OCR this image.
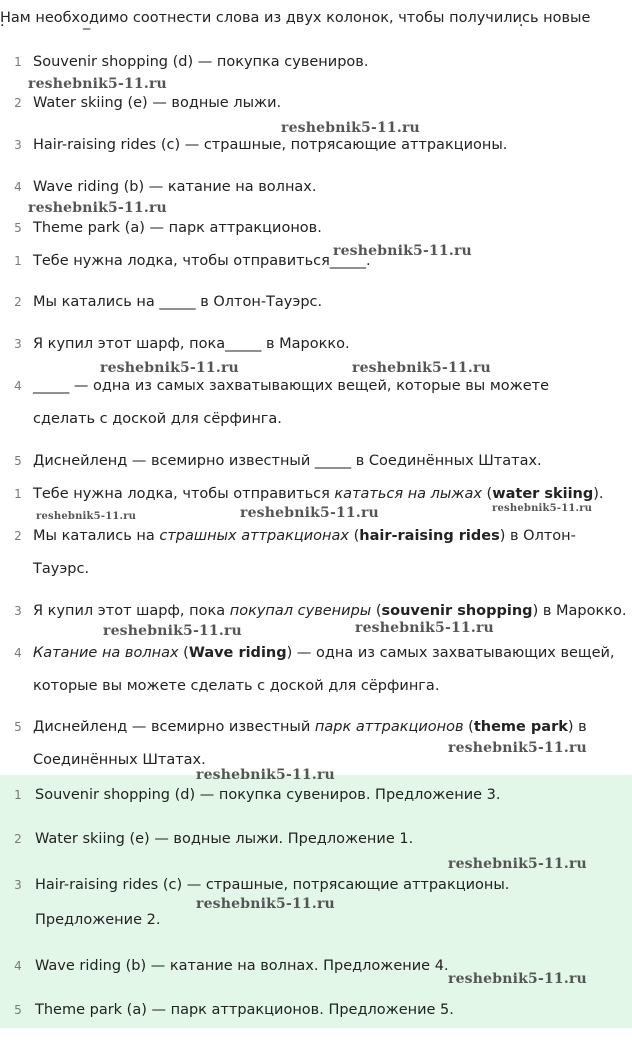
Нам необходимо соотнести слова из двух колонок, чтобы получились новые
1 Souvenir shopping (d) — покупка сувениров.
2 Water skiing (e) — водные лыжи.
3 Hair-raising rides (c) — страшные, потрясающие аттракционы.
4 Wave riding (b) — катание на волнах.
5 Theme park (a) — парк аттракционов.
1 Тебе нужна лодка, чтобы отправиться_____.
2 Мы катались на _____ в Олтон-Тауэрс.
3 Я купил этот шарф, пока_____ в Марокко.
4 _____ — одна из самых захватывающих вещей, которые вы можете
сделать с доской для сёрфинга.
5 Диснейленд — всемирно известный _____ в Соединённых Штатах.
1 Тебе нужна лодка, чтобы отправиться кататься на лыжах (water skiing).
2 Мы катались на страшных аттракционах (hair-raising rides) в Олтон-
Тауэрс.
3 Я купил этот шарф, пока покупал сувениры (souvenir shopping) в Марокко.
4 Катание на волнах (Wave riding) — одна из самых захватывающих вещей,
которые вы можете сделать с доской для сёрфинга.
5 Диснейленд — всемирно известный парк аттракционов (theme park) в
Соединённых Штатах.
1 Souvenir shopping (d) — покупка сувениров. Предложение 3.
2 Water skiing (e) — водные лыжи. Предложение 1.
3 Hair-raising rides (c) — страшные, потрясающие аттракционы.
Предложение 2.
4 Wave riding (b) — катание на волнах. Предложение 4.
5 Theme park (a) — парк аттракционов. Предложение 5.
reshebnik5-11.ru
reshebnik5-11.ru
reshebnik5-11.ru
reshebnik5-11.ru
reshebnik5-11.ru	reshebnik5-11.ru
reshebnik5-11.ru	reshebnik5-11.ru	reshebnik5-11.ru
reshebnik5-11.ru	reshebnik5-11.ru
reshebnik5-11.ru
reshebnik5-11.ru
reshebnik5-11.ru
reshebnik5-11.ru
reshebnik5-11.ru
